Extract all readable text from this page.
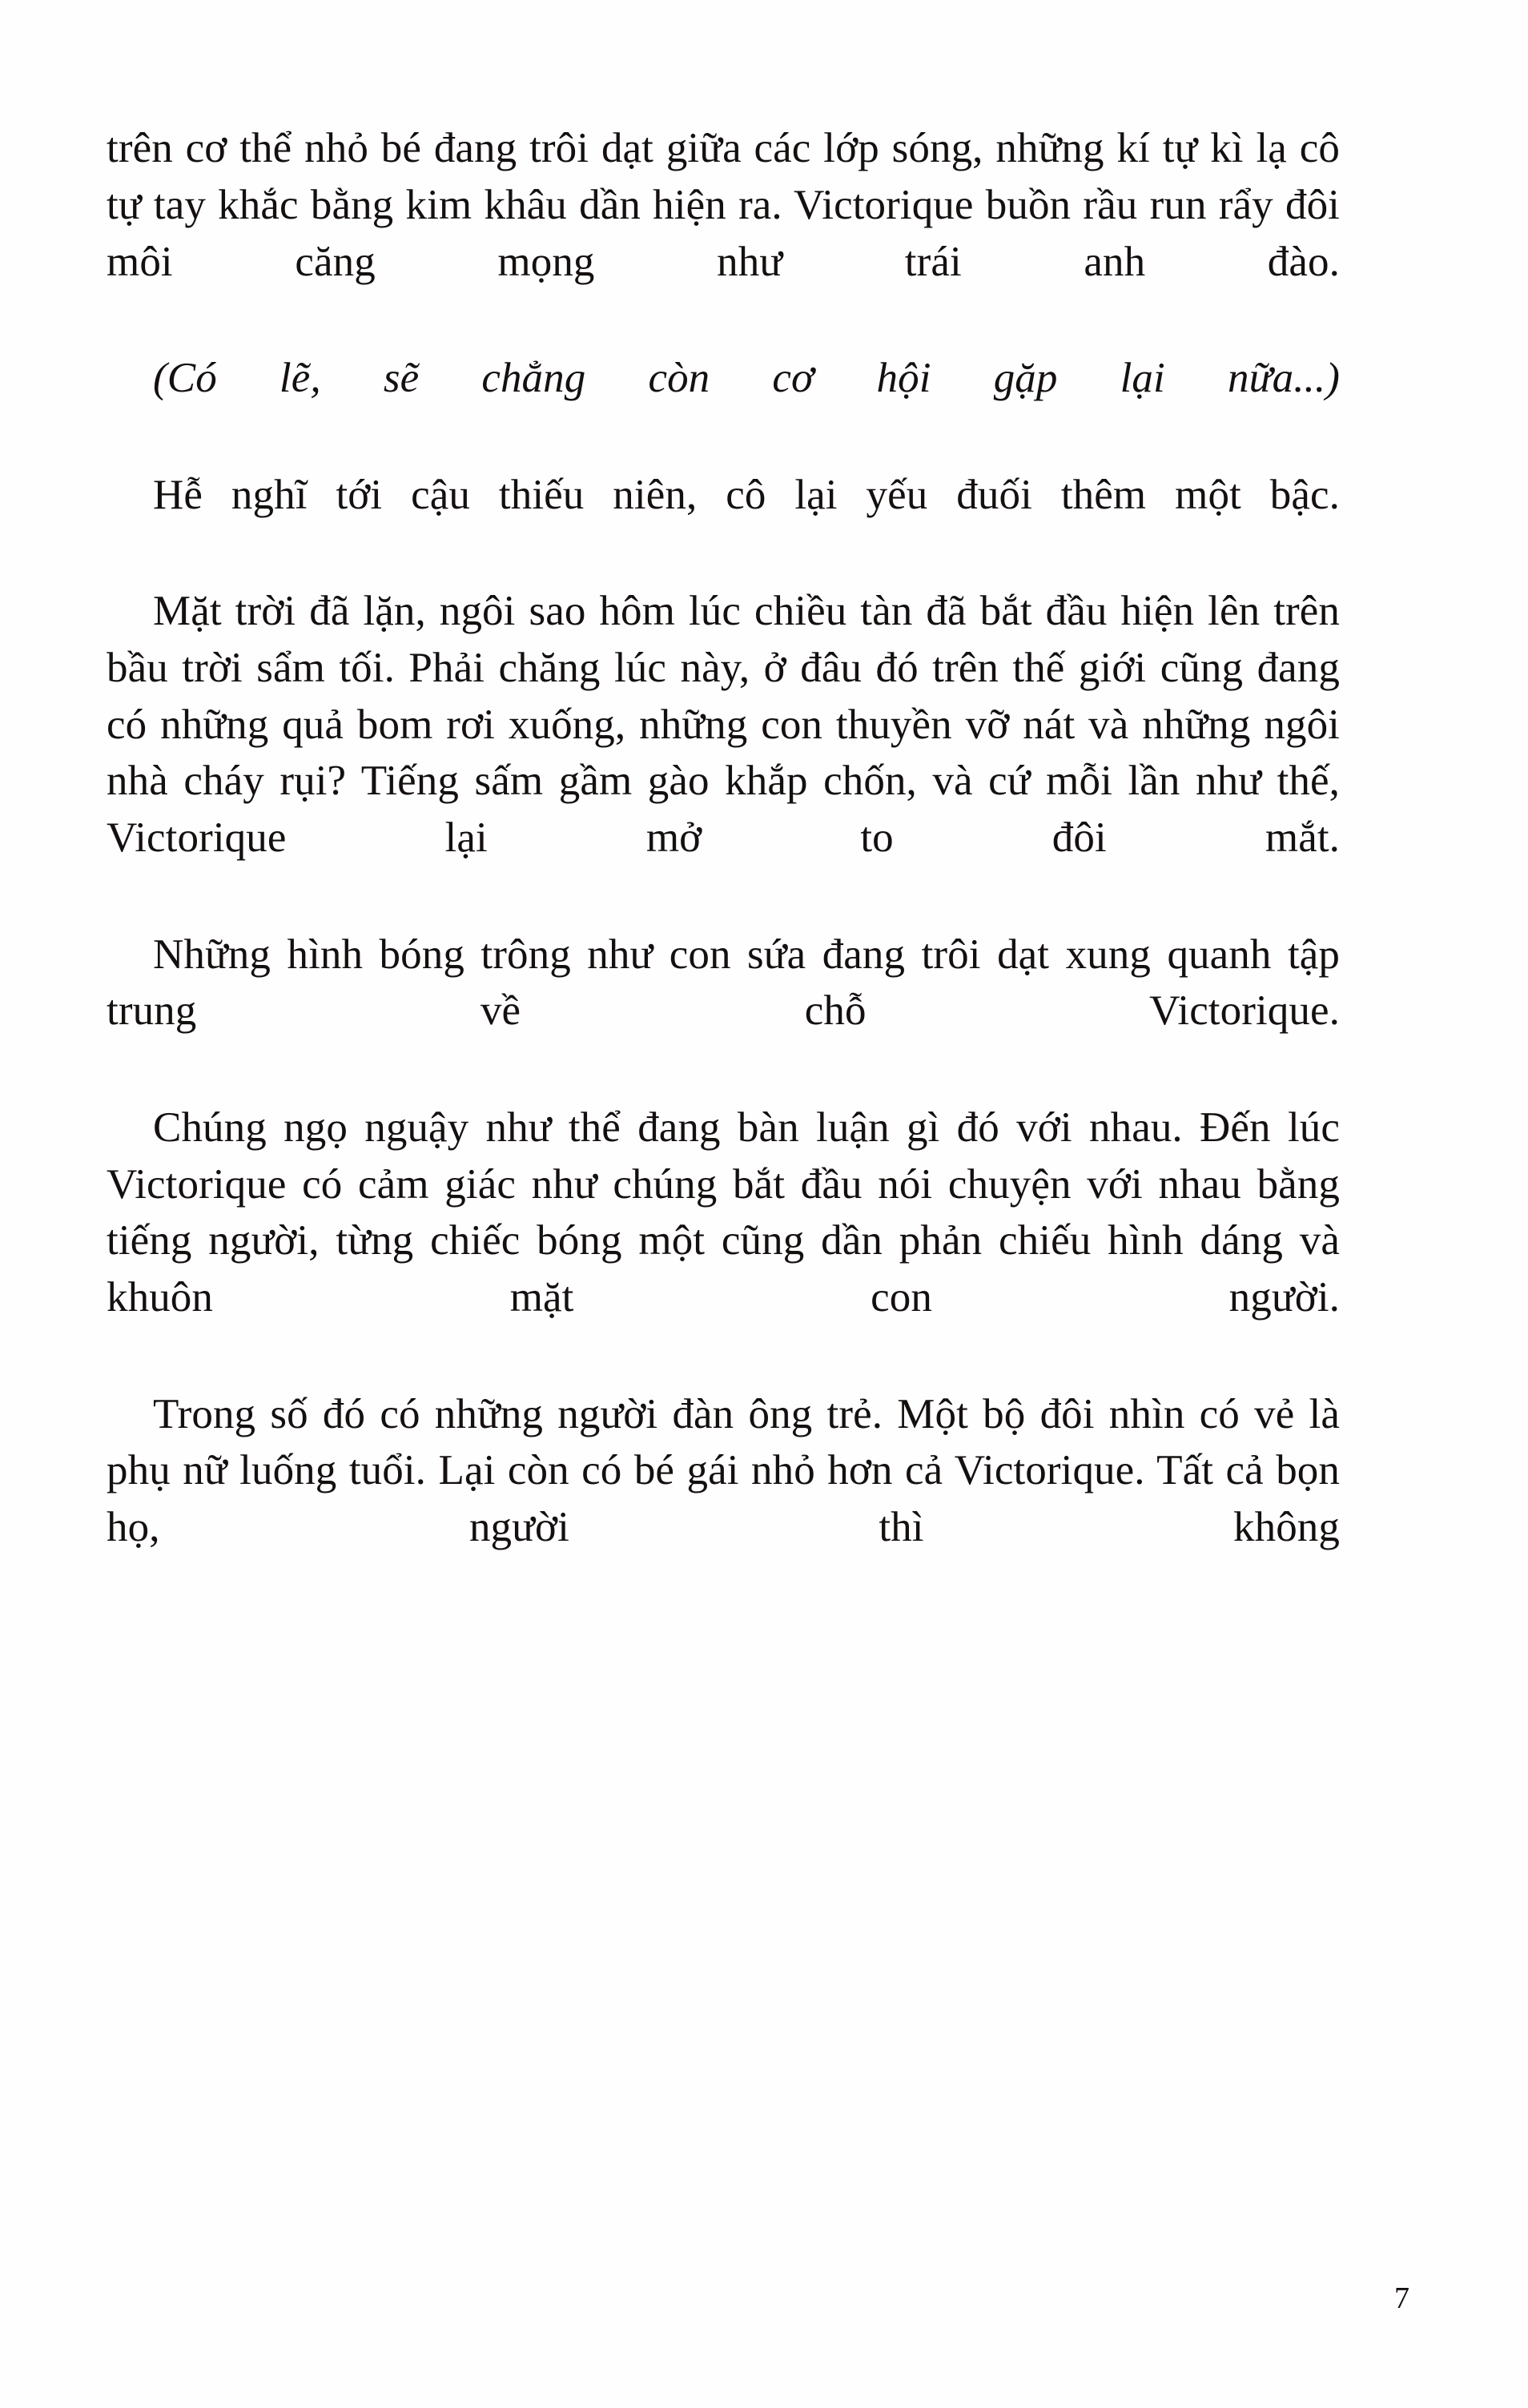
trên cơ thể nhỏ bé đang trôi dạt giữa các lớp sóng, những kí tự kì lạ cô tự tay khắc bằng kim khâu dần hiện ra. Victorique buồn rầu run rẩy đôi môi căng mọng như trái anh đào.

(Có lẽ, sẽ chẳng còn cơ hội gặp lại nữa...)

Hễ nghĩ tới cậu thiếu niên, cô lại yếu đuối thêm một bậc.

Mặt trời đã lặn, ngôi sao hôm lúc chiều tàn đã bắt đầu hiện lên trên bầu trời sẩm tối. Phải chăng lúc này, ở đâu đó trên thế giới cũng đang có những quả bom rơi xuống, những con thuyền vỡ nát và những ngôi nhà cháy rụi? Tiếng sấm gầm gào khắp chốn, và cứ mỗi lần như thế, Victorique lại mở to đôi mắt.

Những hình bóng trông như con sứa đang trôi dạt xung quanh tập trung về chỗ Victorique.

Chúng ngọ nguậy như thể đang bàn luận gì đó với nhau. Đến lúc Victorique có cảm giác như chúng bắt đầu nói chuyện với nhau bằng tiếng người, từng chiếc bóng một cũng dần phản chiếu hình dáng và khuôn mặt con người.

Trong số đó có những người đàn ông trẻ. Một bộ đôi nhìn có vẻ là phụ nữ luống tuổi. Lại còn có bé gái nhỏ hơn cả Victorique. Tất cả bọn họ, người thì không

7
